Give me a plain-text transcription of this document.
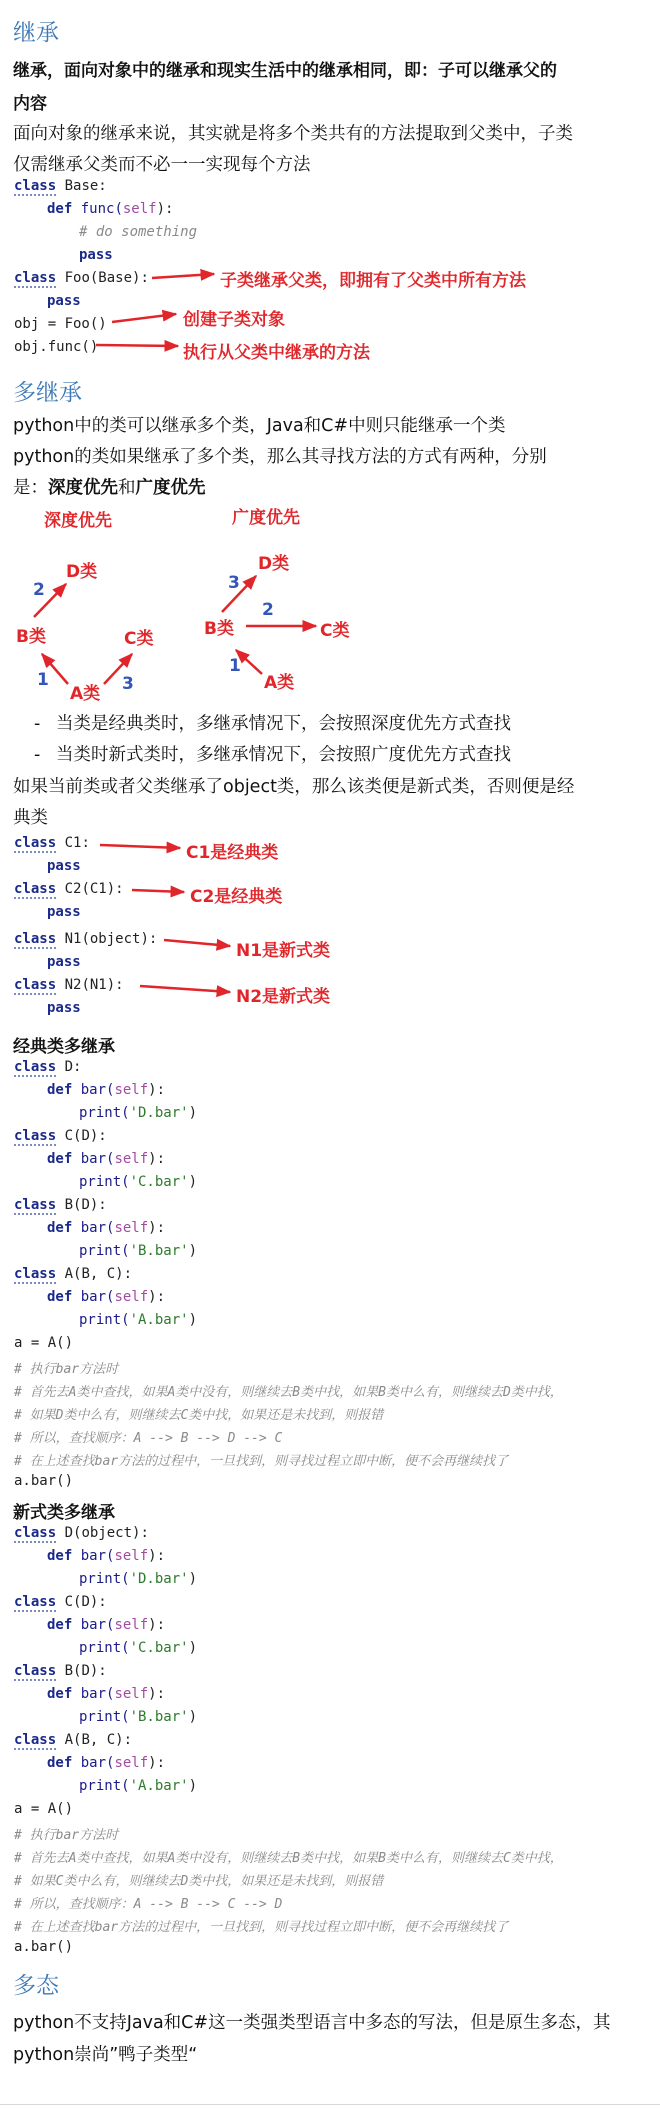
继承
继承，面向对象中的继承和现实生活中的继承相同，即：子可以继承父的
内容
面向对象的继承来说，其实就是将多个类共有的方法提取到父类中，子类
仅需继承父类而不必一一实现每个方法
class Base:
def func(self):
# do something
pass
class Foo(Base):
pass
obj = Foo()
obj.func()
子类继承父类，即拥有了父类中所有方法
创建子类对象
执行从父类中继承的方法
多继承
python中的类可以继承多个类，Java和C#中则只能继承一个类
python的类如果继承了多个类，那么其寻找方法的方式有两种，分别
是：深度优先和广度优先
深度优先	广度优先
D类
B类	C类
A类
2
1	3
D类
B类	C类
A类
3
2
1
- 当类是经典类时，多继承情况下，会按照深度优先方式查找
- 当类时新式类时，多继承情况下，会按照广度优先方式查找
如果当前类或者父类继承了object类，那么该类便是新式类，否则便是经
典类
class C1:
pass
class C2(C1):
pass
class N1(object):
pass
class N2(N1):
pass
C1是经典类
C2是经典类
N1是新式类
N2是新式类
经典类多继承
class D:
def bar(self):
print('D.bar')
class C(D):
def bar(self):
print('C.bar')
class B(D):
def bar(self):
print('B.bar')
class A(B, C):
def bar(self):
print('A.bar')
a = A()
# 执行bar方法时
# 首先去A类中查找，如果A类中没有，则继续去B类中找，如果B类中么有，则继续去D类中找，
# 如果D类中么有，则继续去C类中找，如果还是未找到，则报错
# 所以，查找顺序：A --> B --> D --> C
# 在上述查找bar方法的过程中，一旦找到，则寻找过程立即中断，便不会再继续找了
a.bar()
新式类多继承
class D(object):
def bar(self):
print('D.bar')
class C(D):
def bar(self):
print('C.bar')
class B(D):
def bar(self):
print('B.bar')
class A(B, C):
def bar(self):
print('A.bar')
a = A()
# 执行bar方法时
# 首先去A类中查找，如果A类中没有，则继续去B类中找，如果B类中么有，则继续去C类中找，
# 如果C类中么有，则继续去D类中找，如果还是未找到，则报错
# 所以，查找顺序：A --> B --> C --> D
# 在上述查找bar方法的过程中，一旦找到，则寻找过程立即中断，便不会再继续找了
a.bar()
多态
python不支持Java和C#这一类强类型语言中多态的写法，但是原生多态，其
python崇尚”鸭子类型“
